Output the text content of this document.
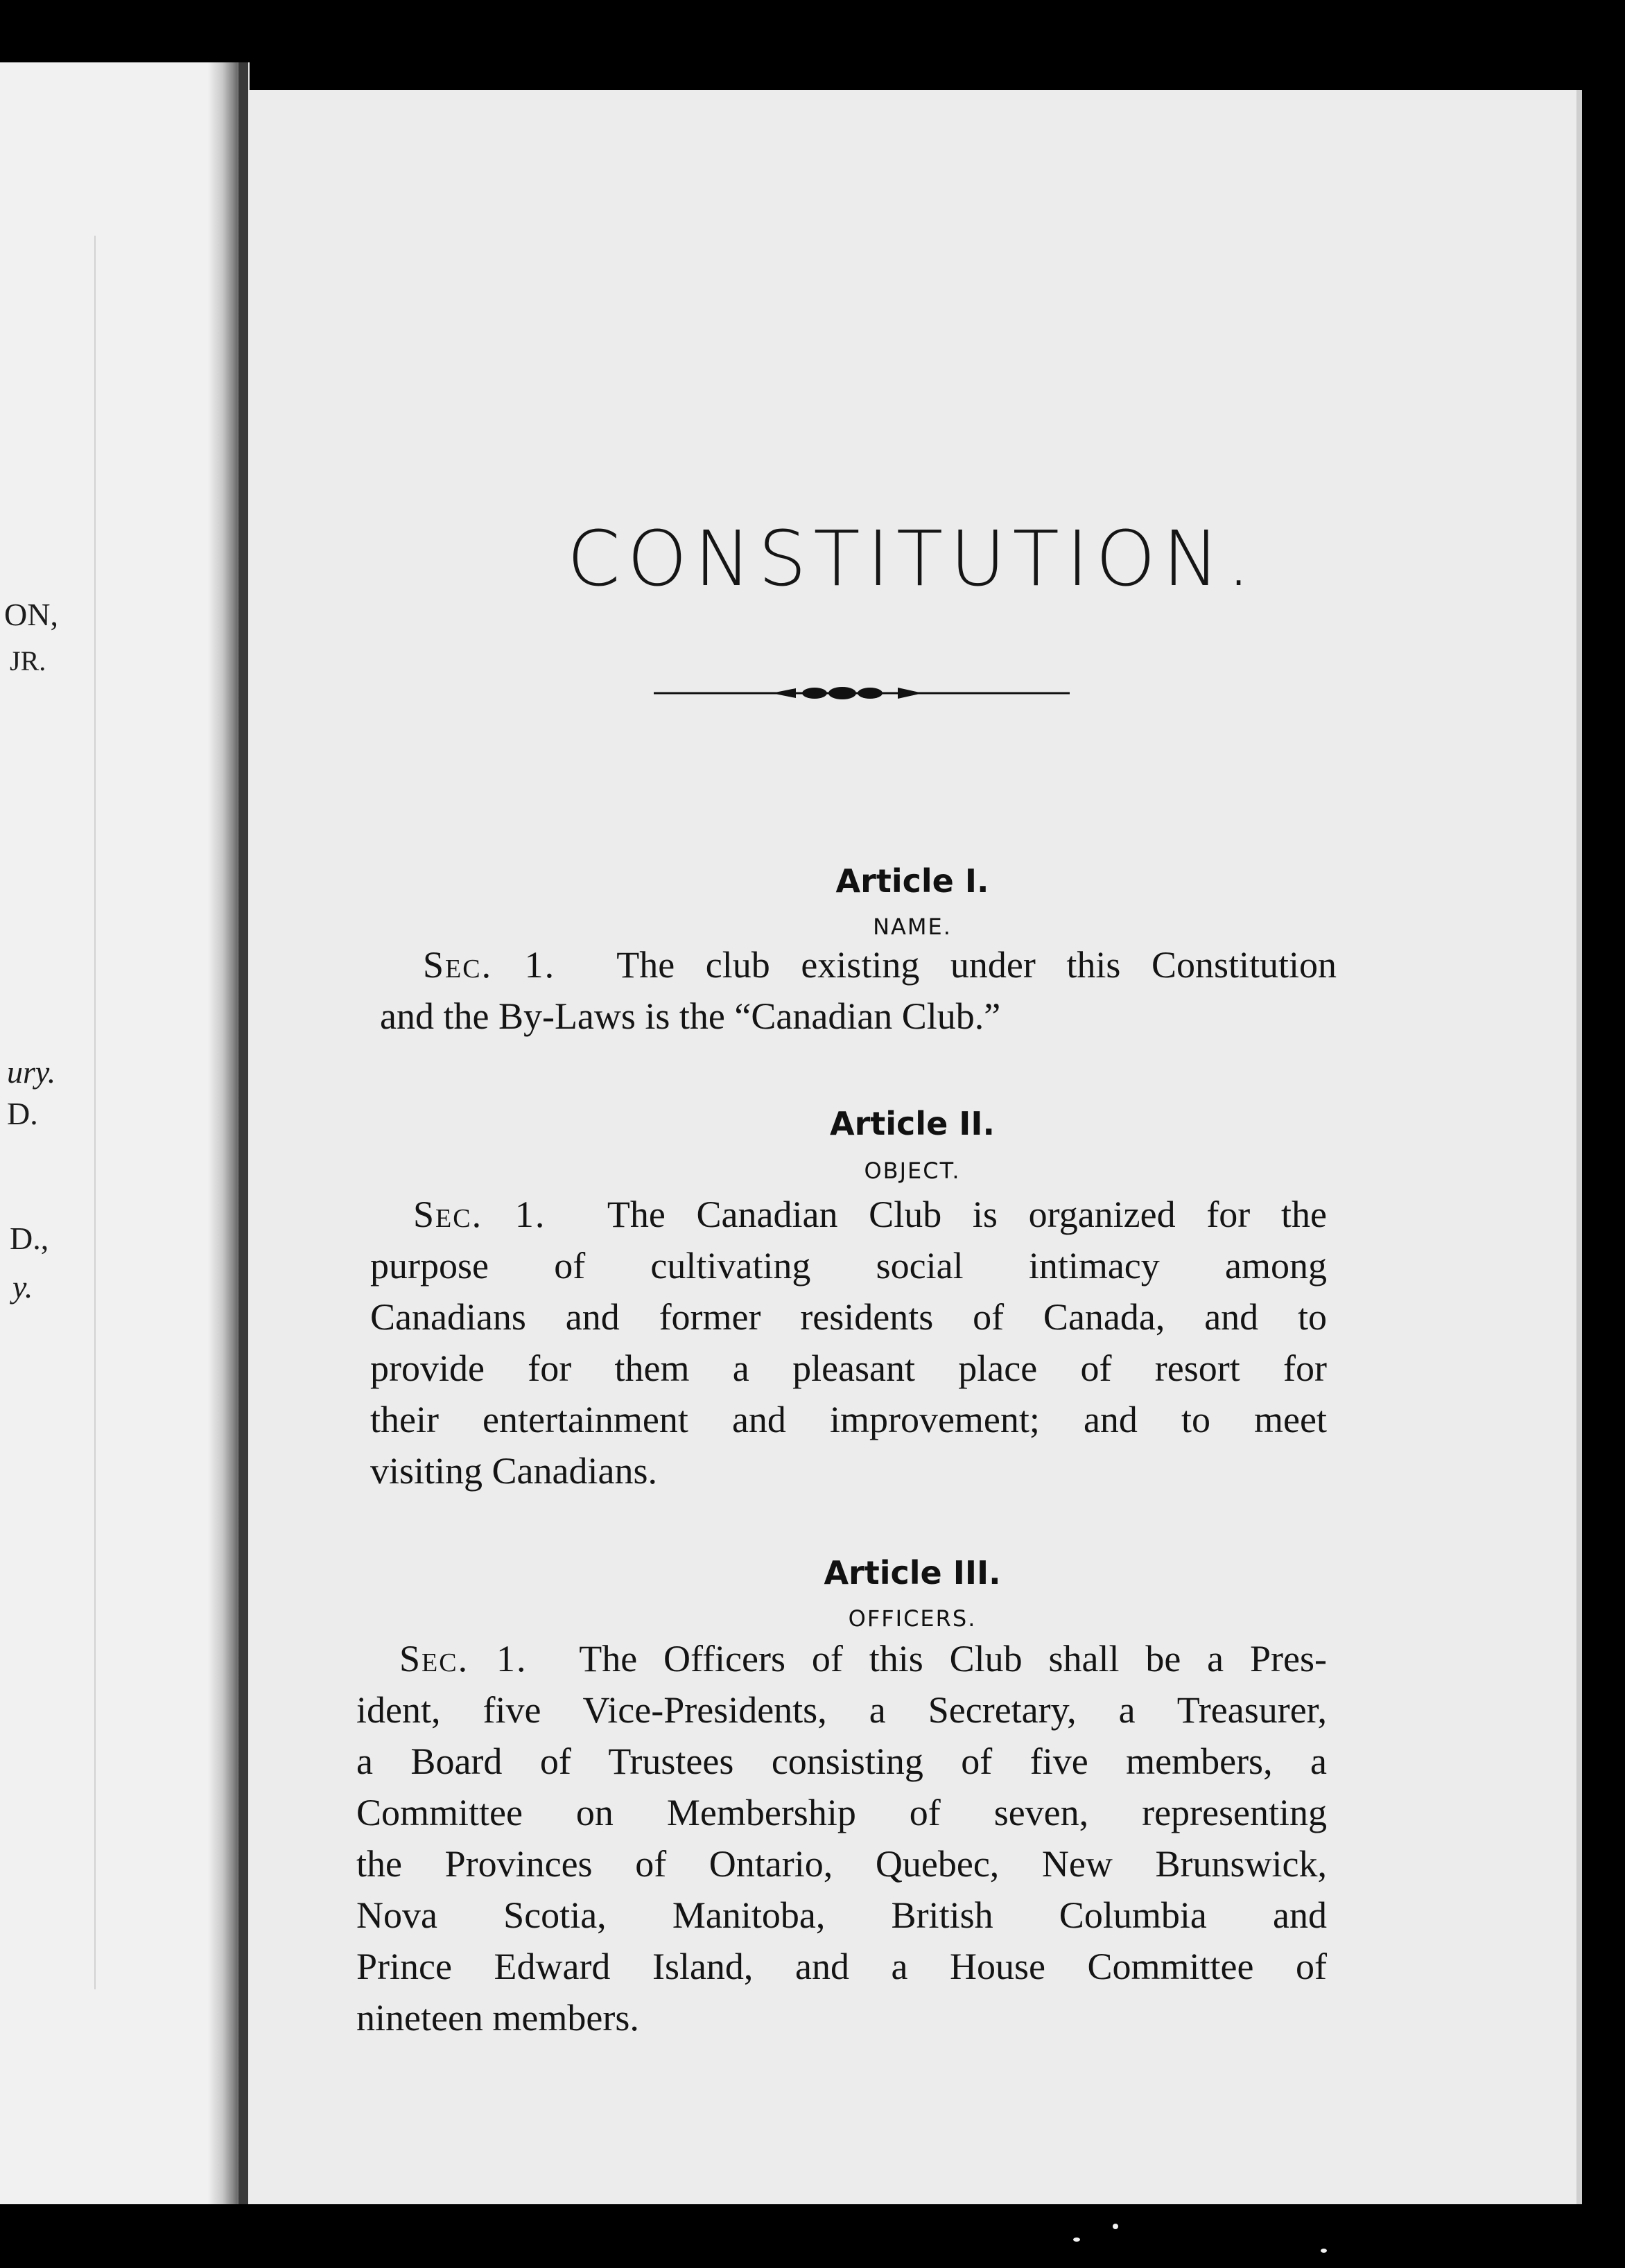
ON,
JR.
ury.
D.
D.,
y.
CONSTITUTION.
Article I.
NAME.
Sec. 1. The club existing under this Constitution
and the By-Laws is the “Canadian Club.”
Article II.
OBJECT.
Sec. 1. The Canadian Club is organized for the
purpose of cultivating social intimacy among
Canadians and former residents of Canada, and to
provide for them a pleasant place of resort for
their entertainment and improvement; and to meet
visiting Canadians.
Article III.
OFFICERS.
Sec. 1. The Officers of this Club shall be a Pres-
ident, five Vice-Presidents, a Secretary, a Treasurer,
a Board of Trustees consisting of five members, a
Committee on Membership of seven, representing
the Provinces of Ontario, Quebec, New Brunswick,
Nova Scotia, Manitoba, British Columbia and
Prince Edward Island, and a House Committee of
nineteen members.
